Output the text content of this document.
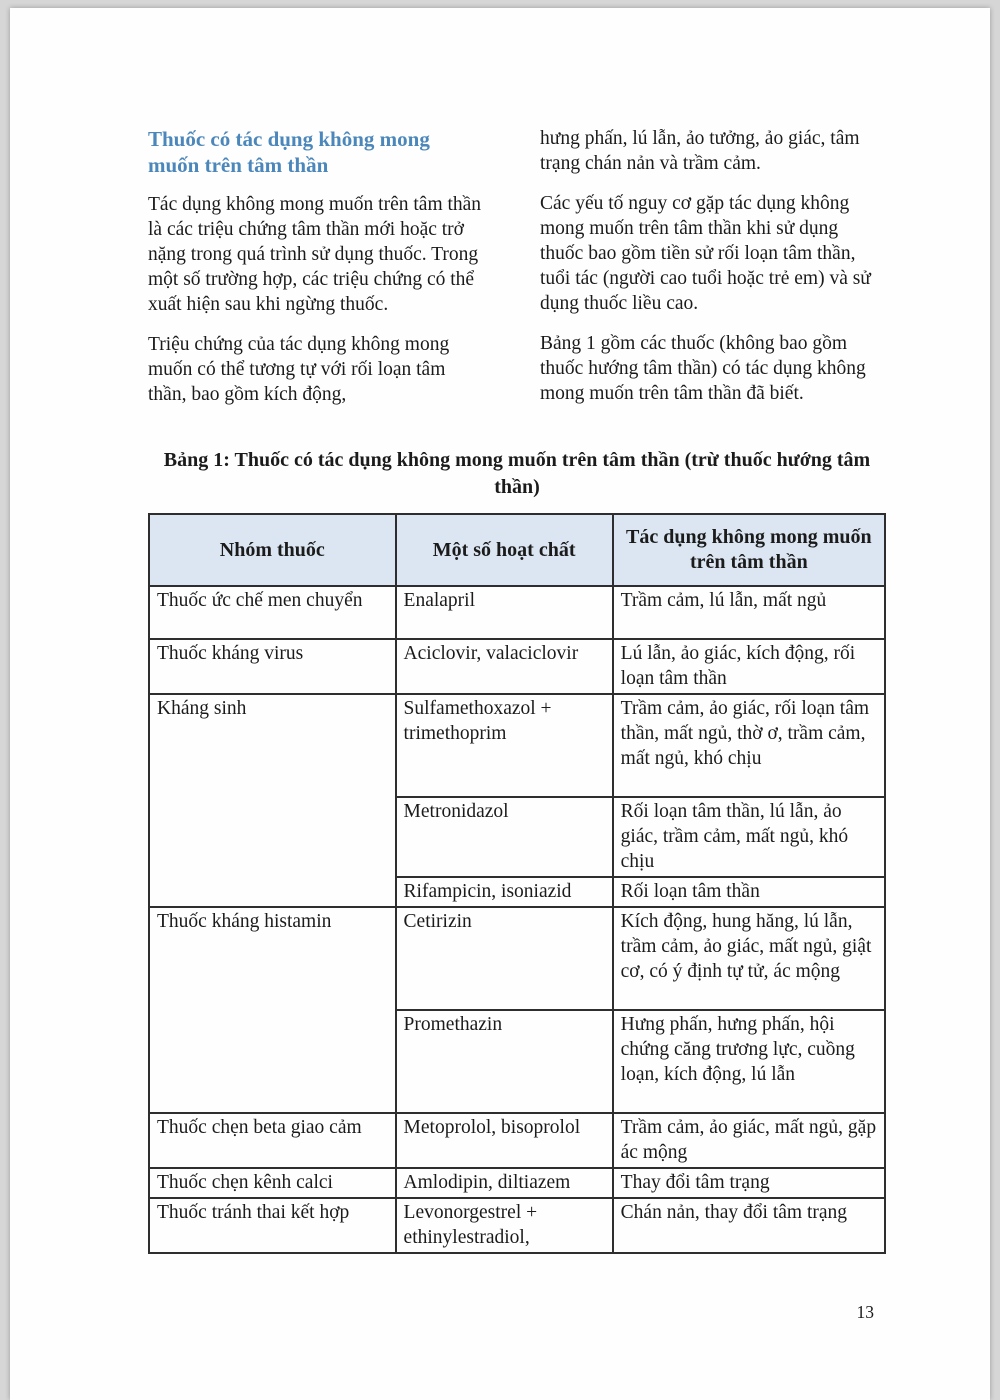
Thuốc có tác dụng không mong muốn trên tâm thần

Tác dụng không mong muốn trên tâm thần là các triệu chứng tâm thần mới hoặc trở nặng trong quá trình sử dụng thuốc. Trong một số trường hợp, các triệu chứng có thể xuất hiện sau khi ngừng thuốc.

Triệu chứng của tác dụng không mong muốn có thể tương tự với rối loạn tâm thần, bao gồm kích động,

hưng phấn, lú lẫn, ảo tưởng, ảo giác, tâm trạng chán nản và trầm cảm.

Các yếu tố nguy cơ gặp tác dụng không mong muốn trên tâm thần khi sử dụng thuốc bao gồm tiền sử rối loạn tâm thần, tuổi tác (người cao tuổi hoặc trẻ em) và sử dụng thuốc liều cao.

Bảng 1 gồm các thuốc (không bao gồm thuốc hướng tâm thần) có tác dụng không mong muốn trên tâm thần đã biết.

Bảng 1: Thuốc có tác dụng không mong muốn trên tâm thần (trừ thuốc hướng tâm thần)
Nhóm thuốc	Một số hoạt chất	Tác dụng không mong muốn trên tâm thần
Thuốc ức chế men chuyển	Enalapril	Trầm cảm, lú lẫn, mất ngủ
Thuốc kháng virus	Aciclovir, valaciclovir	Lú lẫn, ảo giác, kích động, rối loạn tâm thần
Kháng sinh	Sulfamethoxazol + trimethoprim	Trầm cảm, ảo giác, rối loạn tâm thần, mất ngủ, thờ ơ, trầm cảm, mất ngủ, khó chịu
	Metronidazol	Rối loạn tâm thần, lú lẫn, ảo giác, trầm cảm, mất ngủ, khó chịu
	Rifampicin, isoniazid	Rối loạn tâm thần
Thuốc kháng histamin	Cetirizin	Kích động, hung hăng, lú lẫn, trầm cảm, ảo giác, mất ngủ, giật cơ, có ý định tự tử, ác mộng
	Promethazin	Hưng phấn, hưng phấn, hội chứng căng trương lực, cuồng loạn, kích động, lú lẫn
Thuốc chẹn beta giao cảm	Metoprolol, bisoprolol	Trầm cảm, ảo giác, mất ngủ, gặp ác mộng
Thuốc chẹn kênh calci	Amlodipin, diltiazem	Thay đổi tâm trạng
Thuốc tránh thai kết hợp	Levonorgestrel + ethinylestradiol,	Chán nản, thay đổi tâm trạng
13
